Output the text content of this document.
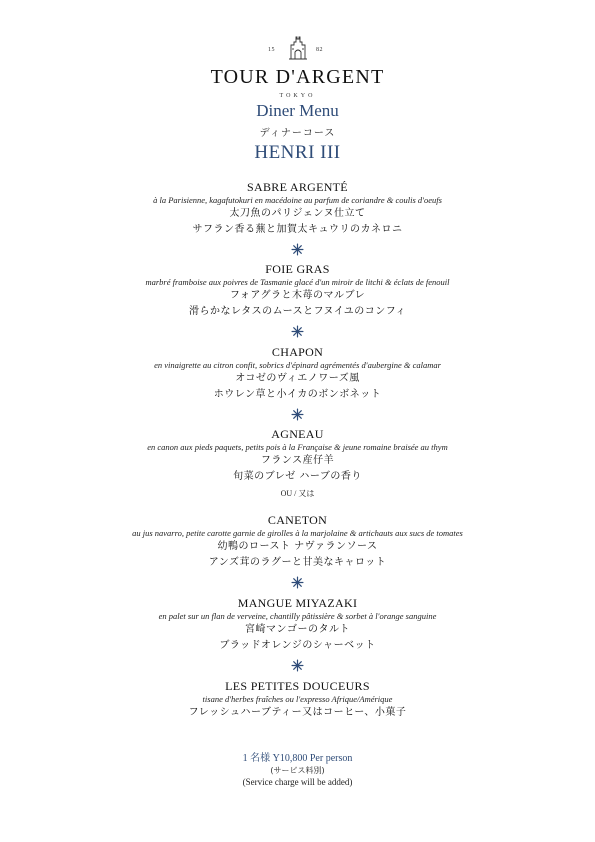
15	82
TOUR D'ARGENT
TOKYO
Diner Menu
ディナーコース
HENRI III
SABRE ARGENTÉ
à la Parisienne, kagafutokuri en macédoine au parfum de coriandre & coulis d'oeufs
太刀魚のパリジェンヌ仕立て
サフラン香る蕪と加賀太キュウリのカネロニ
FOIE GRAS
marbré framboise aux poivres de Tasmanie glacé d'un miroir de litchi & éclats de fenouil
フォアグラと木苺のマルブレ
滑らかなレタスのムースとフヌイユのコンフィ
CHAPON
en vinaigrette au citron confit, sobrics d'épinard agrémentés d'aubergine & calamar
オコゼのヴィエノワーズ風
ホウレン草と小イカのボンボネット
AGNEAU
en canon aux pieds paquets, petits pois à la Française & jeune romaine braisée au thym
フランス産仔羊
旬菜のブレゼ ハーブの香り
OU / 又は
CANETON
au jus navarro, petite carotte garnie de girolles à la marjolaine & artichauts aux sucs de tomates
幼鴨のロースト ナヴァランソース
アンズ茸のラグーと甘美なキャロット
MANGUE MIYAZAKI
en palet sur un flan de verveine, chantilly pâtissière & sorbet à l'orange sanguine
宮崎マンゴーのタルト
ブラッドオレンジのシャーベット
LES PETITES DOUCEURS
tisane d'herbes fraîches ou l'expresso Afrique/Amérique
フレッシュハーブティー又はコーヒー、小菓子
1 名様 Y10,800 Per person
(サービス料別)
(Service charge will be added)
